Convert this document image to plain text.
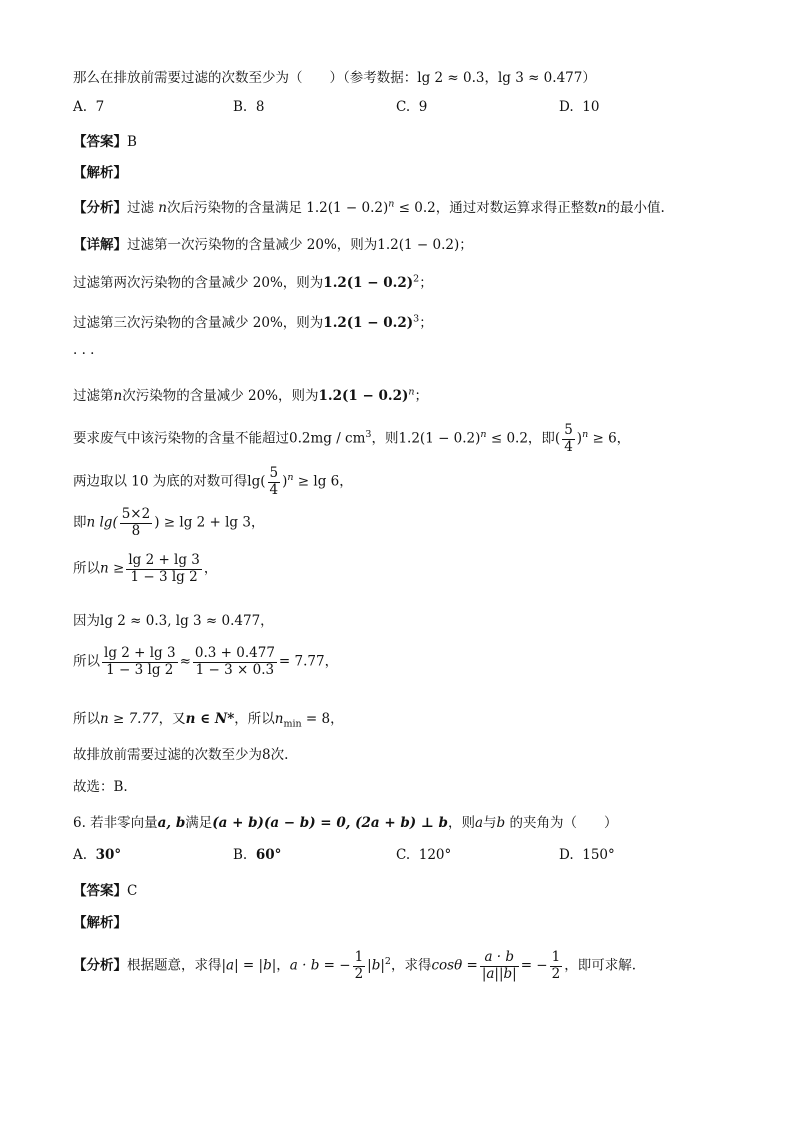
那么在排放前需要过滤的次数至少为（　　）（参考数据：lg 2 ≈ 0.3，lg 3 ≈ 0.477）
A. 7	B. 8	C. 9	D. 10
【答案】B
【解析】
【分析】过滤 n次后污染物的含量满足 $1.2(1 - 0.2)^n \le 0.2$，通过对数运算求得正整数n的最小值.
【详解】过滤第一次污染物的含量减少 20%，则为1.2(1 − 0.2)；
过滤第两次污染物的含量减少 20%，则为$1.2(1 - 0.2)^2$；
过滤第三次污染物的含量减少 20%，则为$1.2(1 - 0.2)^3$；
· · ·
过滤第n次污染物的含量减少 20%，则为$1.2(1 - 0.2)^n$；
要求废气中该污染物的含量不能超过$0.2mg / cm^3$，则$1.2(1 - 0.2)^n \le 0.2$，即( $\frac{5}{4} )^n \ge 6$，
两边取以 10 为底的对数可得$\lg( \frac{5}{4} )^n \ge \lg 6$，
即n $\lg( \frac{5\times 2}{8}$ ) ≥ lg 2 + lg 3，
所以$n \ge \frac{\lg 2 + \lg 3}{1 - 3 \lg 2}$ ，
因为lg 2 ≈ 0.3, lg 3 ≈ 0.477，
所以 $\frac{\lg 2 + \lg 3}{1 - 3 \lg 2} \approx \frac{0.3 + 0.477}{1 - 3 \times 0.3} = 7.77$，
所以n ≥ 7.77，又n ∈ N*，所以$n_{min} = 8$，
故排放前需要过滤的次数至少为8次.
故选：B.
6. 若非零向量a, b满足(a + b)(a − b) = 0, (2a + b) ⊥ b，则a与b 的夹角为（　　）
A. 30°	B. 60°	C. 120°	D. 150°
【答案】C
【解析】
【分析】根据题意，求得|a| = |b|，a · b = − $\frac{1}{2} |b|^2$，求得$\cos\theta = \frac{a \cdot b}{|a||b|}$ = − $\frac{1}{2}$ ，即可求解.
